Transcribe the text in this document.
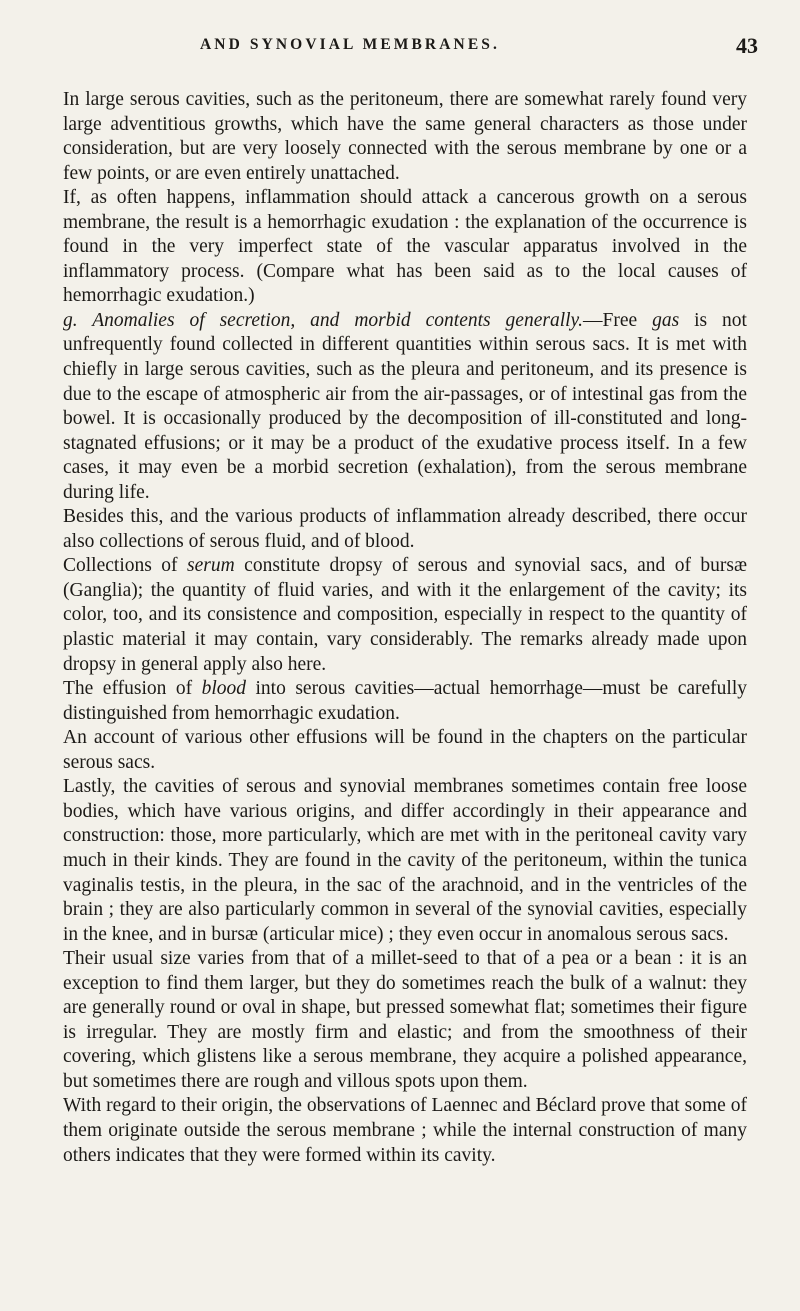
AND SYNOVIAL MEMBRANES.	43

In large serous cavities, such as the peritoneum, there are somewhat rarely found very large adventitious growths, which have the same general characters as those under consideration, but are very loosely connected with the serous membrane by one or a few points, or are even entirely unattached.

If, as often happens, inflammation should attack a cancerous growth on a serous membrane, the result is a hemorrhagic exudation : the explanation of the occurrence is found in the very imperfect state of the vascular apparatus involved in the inflammatory process. (Compare what has been said as to the local causes of hemorrhagic exudation.)

g. Anomalies of secretion, and morbid contents generally.—Free gas is not unfrequently found collected in different quantities within serous sacs. It is met with chiefly in large serous cavities, such as the pleura and peritoneum, and its presence is due to the escape of atmospheric air from the air-passages, or of intestinal gas from the bowel. It is occasionally produced by the decomposition of ill-constituted and long-stagnated effusions; or it may be a product of the exudative process itself. In a few cases, it may even be a morbid secretion (exhalation), from the serous membrane during life.

Besides this, and the various products of inflammation already described, there occur also collections of serous fluid, and of blood.

Collections of serum constitute dropsy of serous and synovial sacs, and of bursæ (Ganglia); the quantity of fluid varies, and with it the enlargement of the cavity; its color, too, and its consistence and composition, especially in respect to the quantity of plastic material it may contain, vary considerably. The remarks already made upon dropsy in general apply also here.

The effusion of blood into serous cavities—actual hemorrhage—must be carefully distinguished from hemorrhagic exudation.

An account of various other effusions will be found in the chapters on the particular serous sacs.

Lastly, the cavities of serous and synovial membranes sometimes contain free loose bodies, which have various origins, and differ accordingly in their appearance and construction: those, more particularly, which are met with in the peritoneal cavity vary much in their kinds. They are found in the cavity of the peritoneum, within the tunica vaginalis testis, in the pleura, in the sac of the arachnoid, and in the ventricles of the brain ; they are also particularly common in several of the synovial cavities, especially in the knee, and in bursæ (articular mice) ; they even occur in anomalous serous sacs.

Their usual size varies from that of a millet-seed to that of a pea or a bean : it is an exception to find them larger, but they do sometimes reach the bulk of a walnut: they are generally round or oval in shape, but pressed somewhat flat; sometimes their figure is irregular. They are mostly firm and elastic; and from the smoothness of their covering, which glistens like a serous membrane, they acquire a polished appearance, but sometimes there are rough and villous spots upon them.

With regard to their origin, the observations of Laennec and Béclard prove that some of them originate outside the serous membrane ; while the internal construction of many others indicates that they were formed within its cavity.
